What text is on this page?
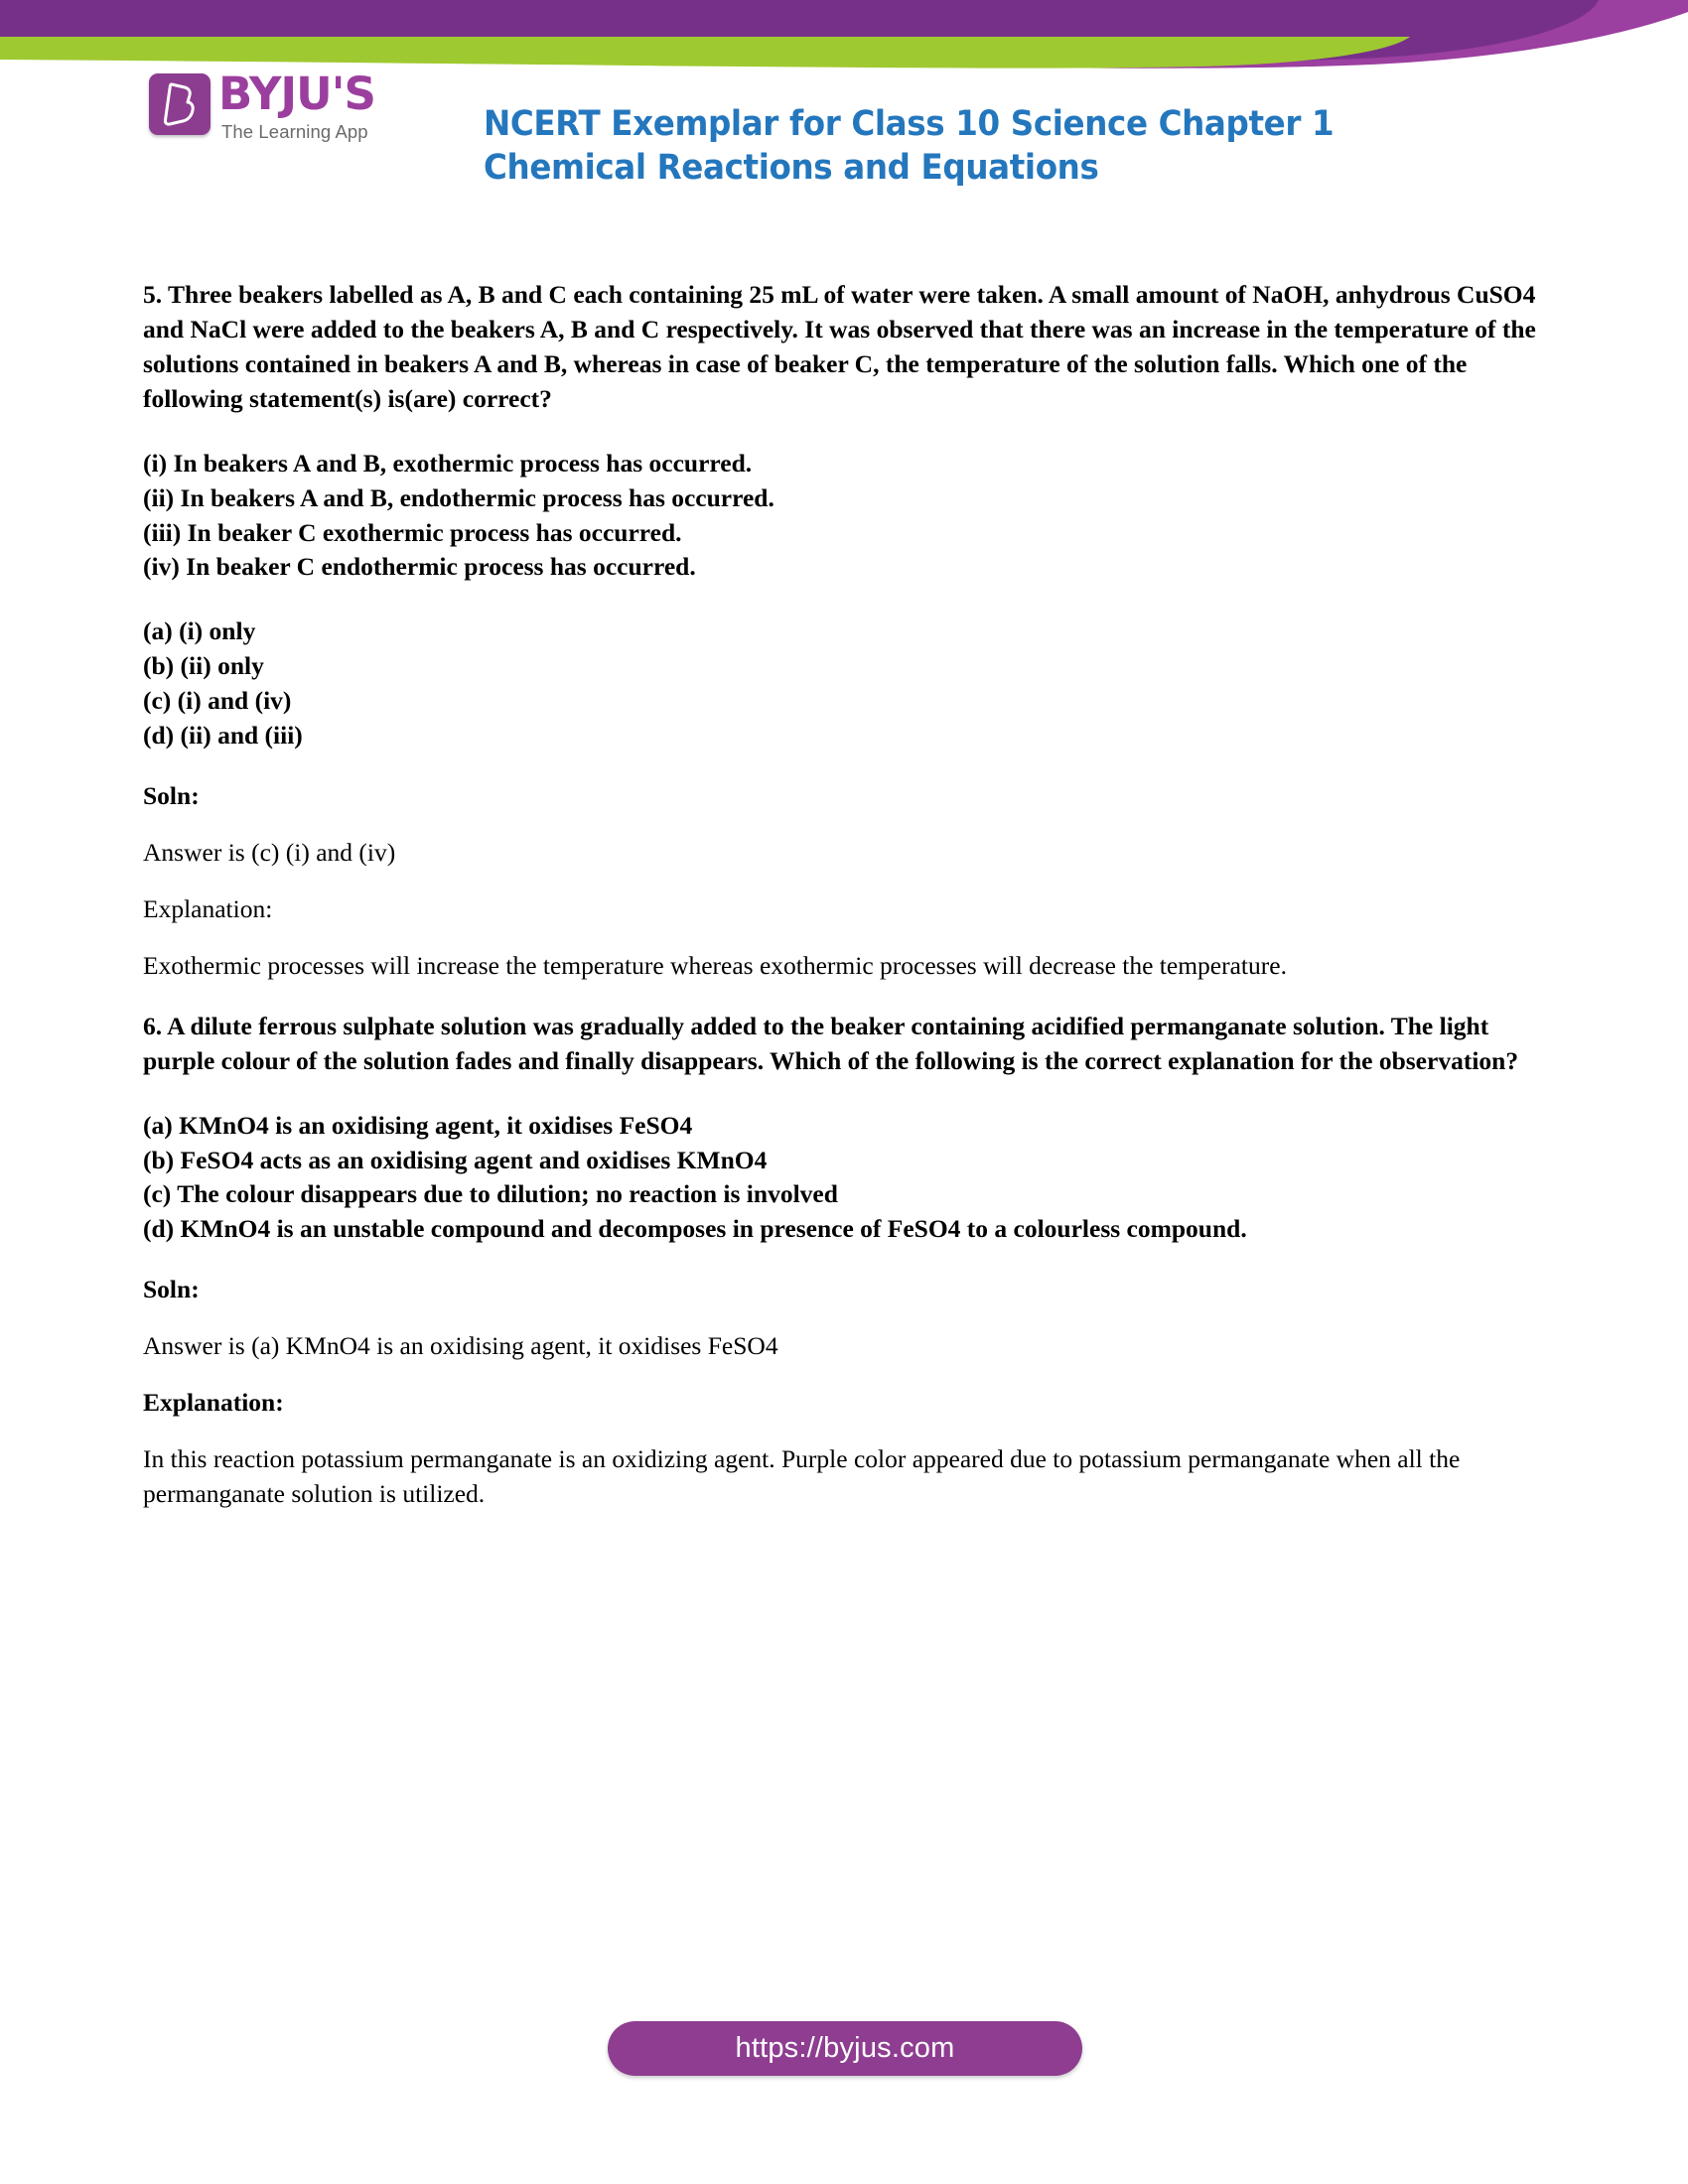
BYJU'S
The Learning App	NCERT Exemplar for Class 10 Science Chapter 1 Chemical Reactions and Equations

5. Three beakers labelled as A, B and C each containing 25 mL of water were taken. A small amount of NaOH, anhydrous CuSO4 and NaCl were added to the beakers A, B and C respectively. It was observed that there was an increase in the temperature of the solutions contained in beakers A and B, whereas in case of beaker C, the temperature of the solution falls. Which one of the following statement(s) is(are) correct?

(i) In beakers A and B, exothermic process has occurred.

(ii) In beakers A and B, endothermic process has occurred.

(iii) In beaker C exothermic process has occurred.

(iv) In beaker C endothermic process has occurred.

(a) (i) only

(b) (ii) only

(c) (i) and (iv)

(d) (ii) and (iii)

Soln:

Answer is (c) (i) and (iv)

Explanation:

Exothermic processes will increase the temperature whereas exothermic processes will decrease the temperature.

6. A dilute ferrous sulphate solution was gradually added to the beaker containing acidified permanganate solution. The light purple colour of the solution fades and finally disappears. Which of the following is the correct explanation for the observation?

(a) KMnO4 is an oxidising agent, it oxidises FeSO4

(b) FeSO4 acts as an oxidising agent and oxidises KMnO4

(c) The colour disappears due to dilution; no reaction is involved

(d) KMnO4 is an unstable compound and decomposes in presence of FeSO4 to a colourless compound.

Soln:

Answer is (a) KMnO4 is an oxidising agent, it oxidises FeSO4

Explanation:

In this reaction potassium permanganate is an oxidizing agent. Purple color appeared due to potassium permanganate when all the permanganate solution is utilized.

https://byjus.com
